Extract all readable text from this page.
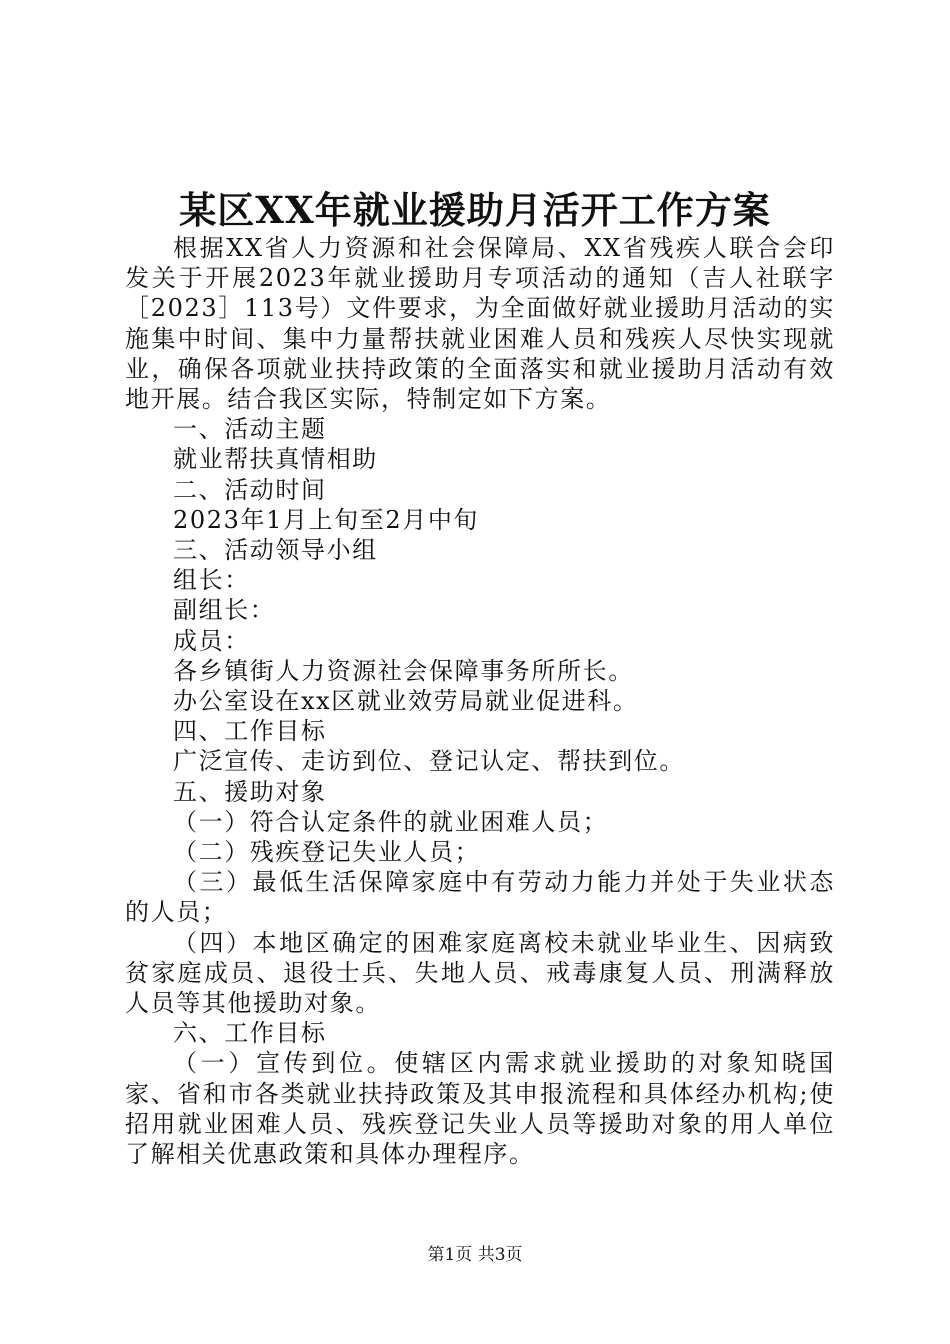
某区XX年就业援助月活开工作方案

根据XX省人力资源和社会保障局、XX省残疾人联合会印发关于开展2023年就业援助月专项活动的通知（吉人社联字［2023］113号）文件要求，为全面做好就业援助月活动的实施集中时间、集中力量帮扶就业困难人员和残疾人尽快实现就业，确保各项就业扶持政策的全面落实和就业援助月活动有效地开展。结合我区实际，特制定如下方案。

一、活动主题

就业帮扶真情相助

二、活动时间

2023年1月上旬至2月中旬

三、活动领导小组

组长：

副组长：

成员：

各乡镇街人力资源社会保障事务所所长。

办公室设在xx区就业效劳局就业促进科。

四、工作目标

广泛宣传、走访到位、登记认定、帮扶到位。

五、援助对象

（一）符合认定条件的就业困难人员；

（二）残疾登记失业人员；

（三）最低生活保障家庭中有劳动力能力并处于失业状态的人员；

（四）本地区确定的困难家庭离校未就业毕业生、因病致贫家庭成员、退役士兵、失地人员、戒毒康复人员、刑满释放人员等其他援助对象。

六、工作目标

（一）宣传到位。使辖区内需求就业援助的对象知晓国家、省和市各类就业扶持政策及其申报流程和具体经办机构;使招用就业困难人员、残疾登记失业人员等援助对象的用人单位了解相关优惠政策和具体办理程序。

第1页 共3页
